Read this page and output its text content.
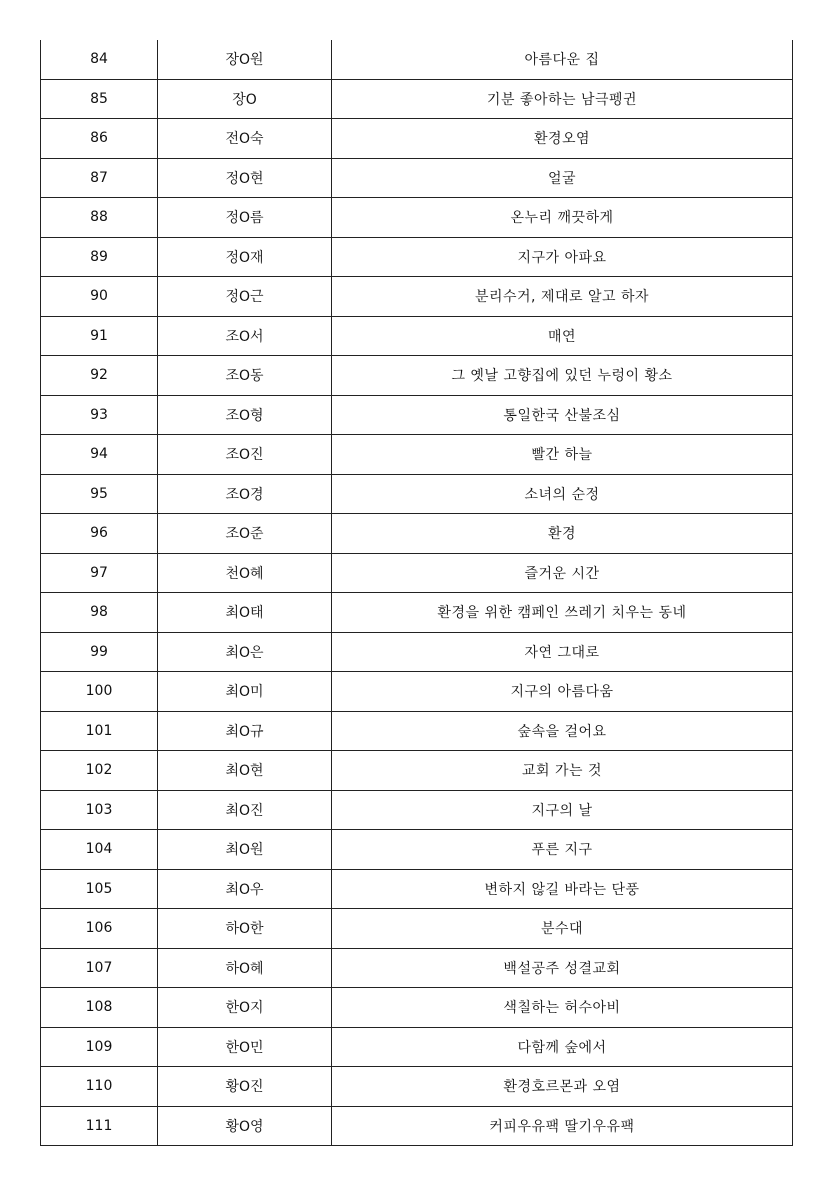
84	장O원	아름다운 집
85	장O	기분 좋아하는 남극펭귄
86	전O숙	환경오염
87	정O현	얼굴
88	정O름	온누리 깨끗하게
89	정O재	지구가 아파요
90	정O근	분리수거, 제대로 알고 하자
91	조O서	매연
92	조O동	그 옛날 고향집에 있던 누렁이 황소
93	조O형	통일한국 산불조심
94	조O진	빨간 하늘
95	조O경	소녀의 순정
96	조O준	환경
97	천O혜	즐거운 시간
98	최O태	환경을 위한 캠페인 쓰레기 치우는 동네
99	최O은	자연 그대로
100	최O미	지구의 아름다움
101	최O규	숲속을 걸어요
102	최O현	교회 가는 것
103	최O진	지구의 날
104	최O원	푸른 지구
105	최O우	변하지 않길 바라는 단풍
106	하O한	분수대
107	하O혜	백설공주 성결교회
108	한O지	색칠하는 허수아비
109	한O민	다함께 숲에서
110	황O진	환경호르몬과 오염
111	황O영	커피우유팩 딸기우유팩
